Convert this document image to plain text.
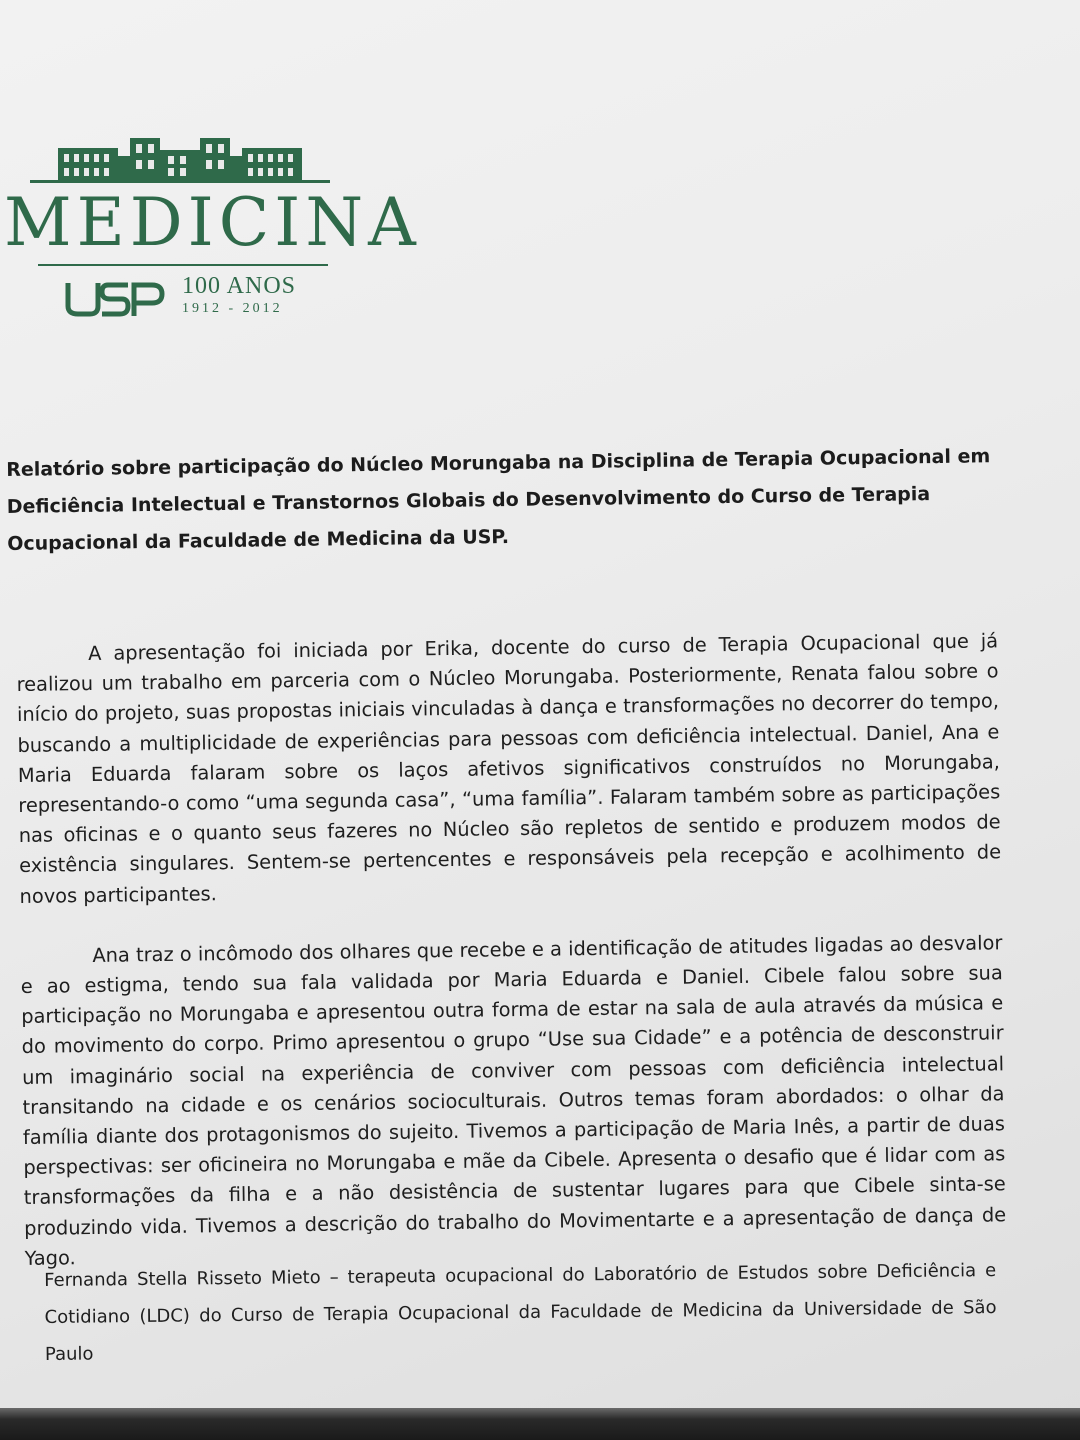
MEDICINA
100 ANOS
1912 - 2012
Relatório sobre participação do Núcleo Morungaba na Disciplina de Terapia Ocupacional em Deficiência Intelectual e Transtornos Globais do Desenvolvimento do Curso de Terapia Ocupacional da Faculdade de Medicina da USP.

A apresentação foi iniciada por Erika, docente do curso de Terapia Ocupacional que já realizou um trabalho em parceria com o Núcleo Morungaba. Posteriormente, Renata falou sobre o início do projeto, suas propostas iniciais vinculadas à dança e transformações no decorrer do tempo, buscando a multiplicidade de experiências para pessoas com deficiência intelectual. Daniel, Ana e Maria Eduarda falaram sobre os laços afetivos significativos construídos no Morungaba, representando-o como “uma segunda casa”, “uma família”. Falaram também sobre as participações nas oficinas e o quanto seus fazeres no Núcleo são repletos de sentido e produzem modos de existência singulares. Sentem-se pertencentes e responsáveis pela recepção e acolhimento de novos participantes.

Ana traz o incômodo dos olhares que recebe e a identificação de atitudes ligadas ao desvalor e ao estigma, tendo sua fala validada por Maria Eduarda e Daniel. Cibele falou sobre sua participação no Morungaba e apresentou outra forma de estar na sala de aula através da música e do movimento do corpo. Primo apresentou o grupo “Use sua Cidade” e a potência de desconstruir um imaginário social na experiência de conviver com pessoas com deficiência intelectual transitando na cidade e os cenários socioculturais. Outros temas foram abordados: o olhar da família diante dos protagonismos do sujeito. Tivemos a participação de Maria Inês, a partir de duas perspectivas: ser oficineira no Morungaba e mãe da Cibele. Apresenta o desafio que é lidar com as transformações da filha e a não desistência de sustentar lugares para que Cibele sinta-se produzindo vida. Tivemos a descrição do trabalho do Movimentarte e a apresentação de dança de Yago.

Fernanda Stella Risseto Mieto – terapeuta ocupacional do Laboratório de Estudos sobre Deficiência e Cotidiano (LDC) do Curso de Terapia Ocupacional da Faculdade de Medicina da Universidade de São Paulo
